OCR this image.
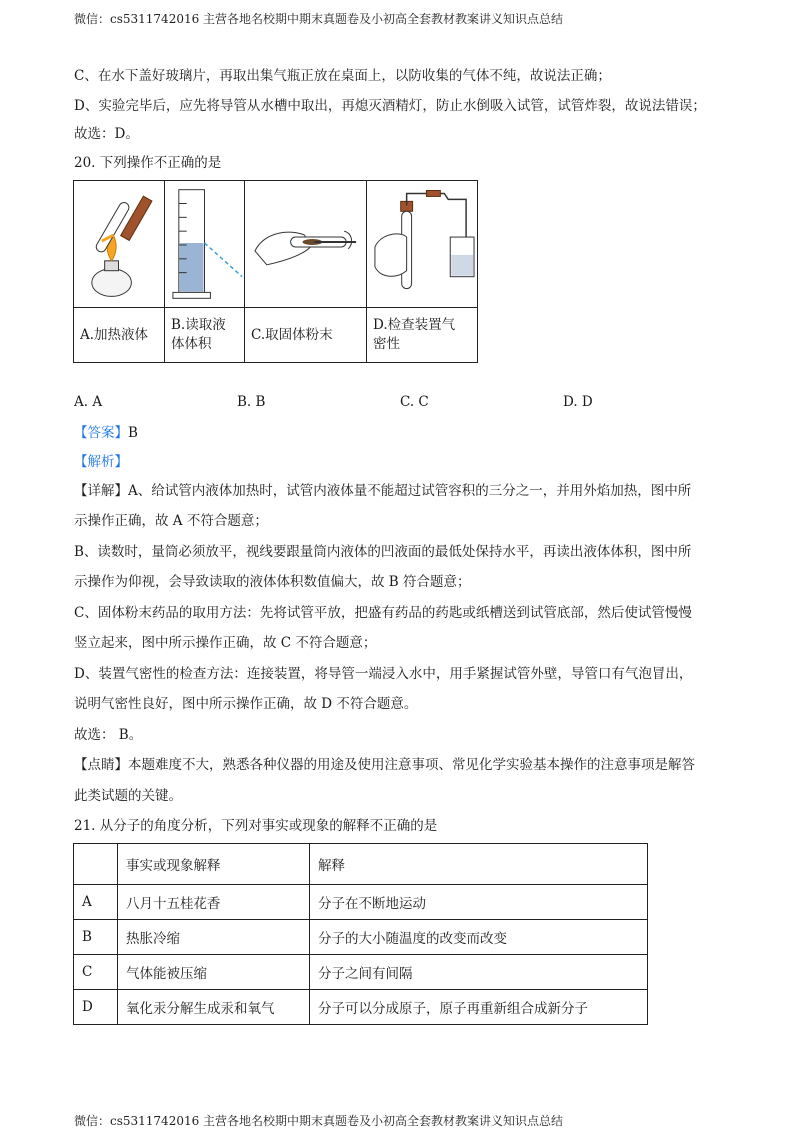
微信：cs5311742016 主营各地名校期中期末真题卷及小初高全套教材教案讲义知识点总结
C、在水下盖好玻璃片，再取出集气瓶正放在桌面上，以防收集的气体不纯，故说法正确；
D、实验完毕后，应先将导管从水槽中取出，再熄灭酒精灯，防止水倒吸入试管，试管炸裂，故说法错误；
故选：D。
20. 下列操作不正确的是

A.加热液体	B.读取液
体体积	C.取固体粉末	D.检查装置气
密性
A. A	B. B	C. C	D. D
【答案】B
【解析】
【详解】A、给试管内液体加热时，试管内液体量不能超过试管容积的三分之一，并用外焰加热，图中所
示操作正确，故 A 不符合题意；
B、读数时，量筒必须放平，视线要跟量筒内液体的凹液面的最低处保持水平，再读出液体体积，图中所
示操作为仰视，会导致读取的液体体积数值偏大，故 B 符合题意；
C、固体粉末药品的取用方法：先将试管平放，把盛有药品的药匙或纸槽送到试管底部，然后使试管慢慢
竖立起来，图中所示操作正确，故 C 不符合题意；
D、装置气密性的检查方法：连接装置，将导管一端浸入水中，用手紧握试管外壁，导管口有气泡冒出，
说明气密性良好，图中所示操作正确，故 D 不符合题意。
故选： B。
【点睛】本题难度不大，熟悉各种仪器的用途及使用注意事项、常见化学实验基本操作的注意事项是解答
此类试题的关键。
21. 从分子的角度分析，下列对事实或现象的解释不正确的是
	事实或现象解释	解释
A	八月十五桂花香	分子在不断地运动
B	热胀冷缩	分子的大小随温度的改变而改变
C	气体能被压缩	分子之间有间隔
D	氧化汞分解生成汞和氧气	分子可以分成原子，原子再重新组合成新分子
微信：cs5311742016 主营各地名校期中期末真题卷及小初高全套教材教案讲义知识点总结
